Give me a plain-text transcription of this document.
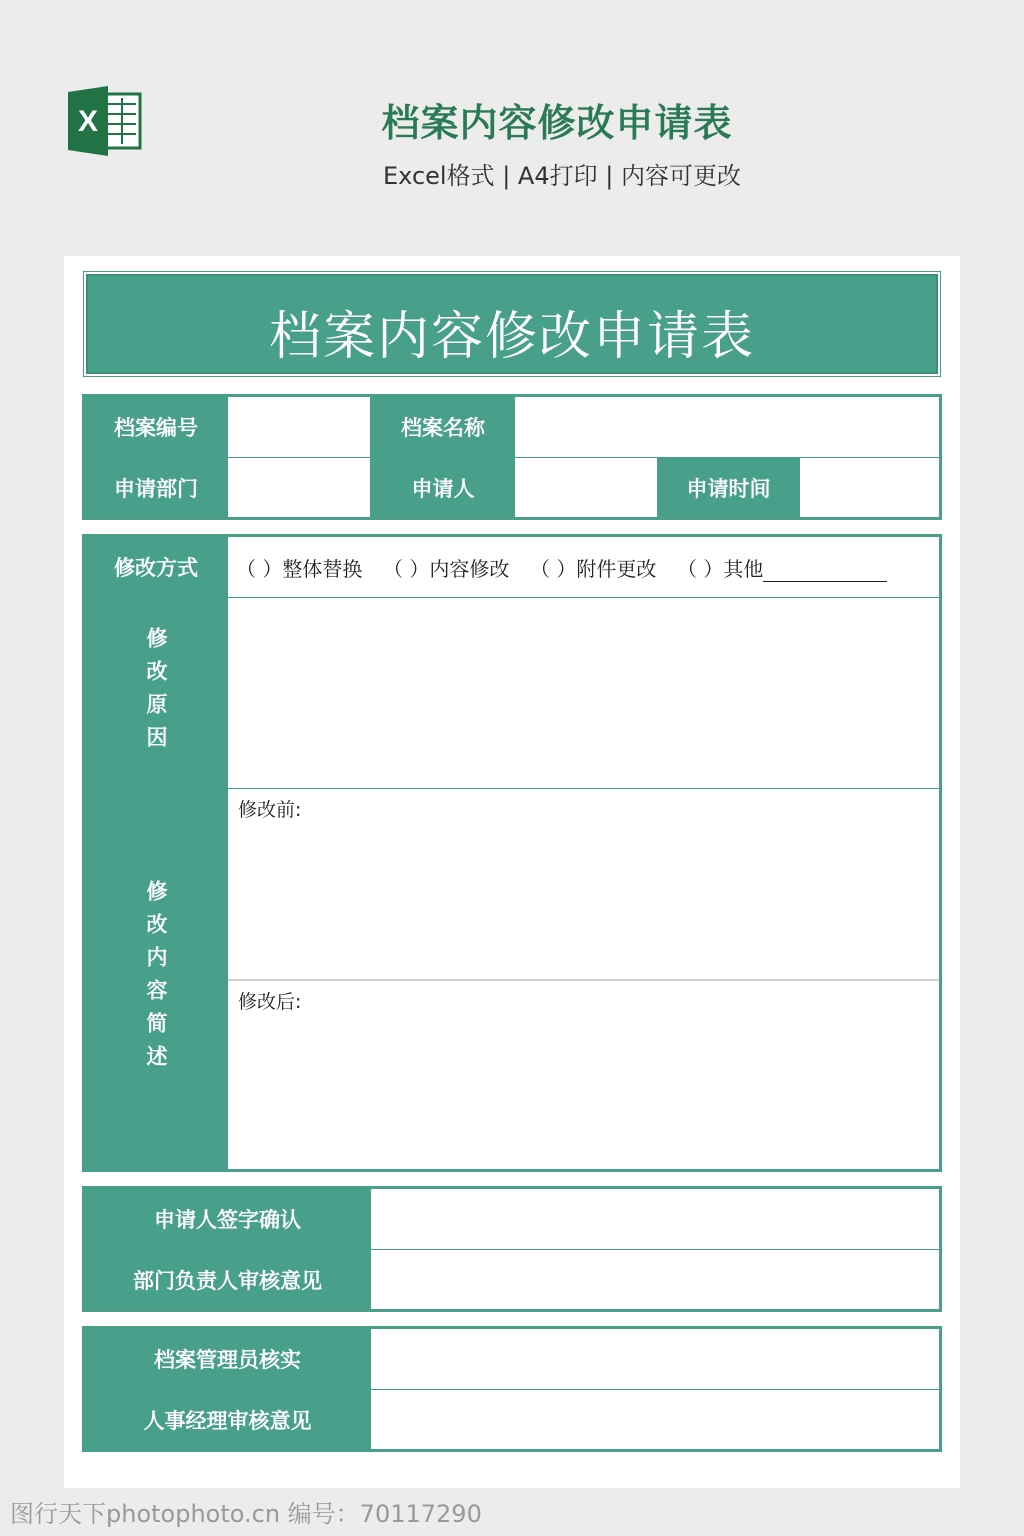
X	档案内容修改申请表
Excel格式 | A4打印 | 内容可更改
档案内容修改申请表
档案编号	档案名称
申请部门	申请人	申请时间
修改方式	（ ）整体替换	（ ）内容修改	（ ）附件更改	（ ）其他
修改原因
修改内容简述
修改前:
修改后:
申请人签字确认
部门负责人审核意见
档案管理员核实
人事经理审核意见
图行天下photophoto.cn 编号：70117290
